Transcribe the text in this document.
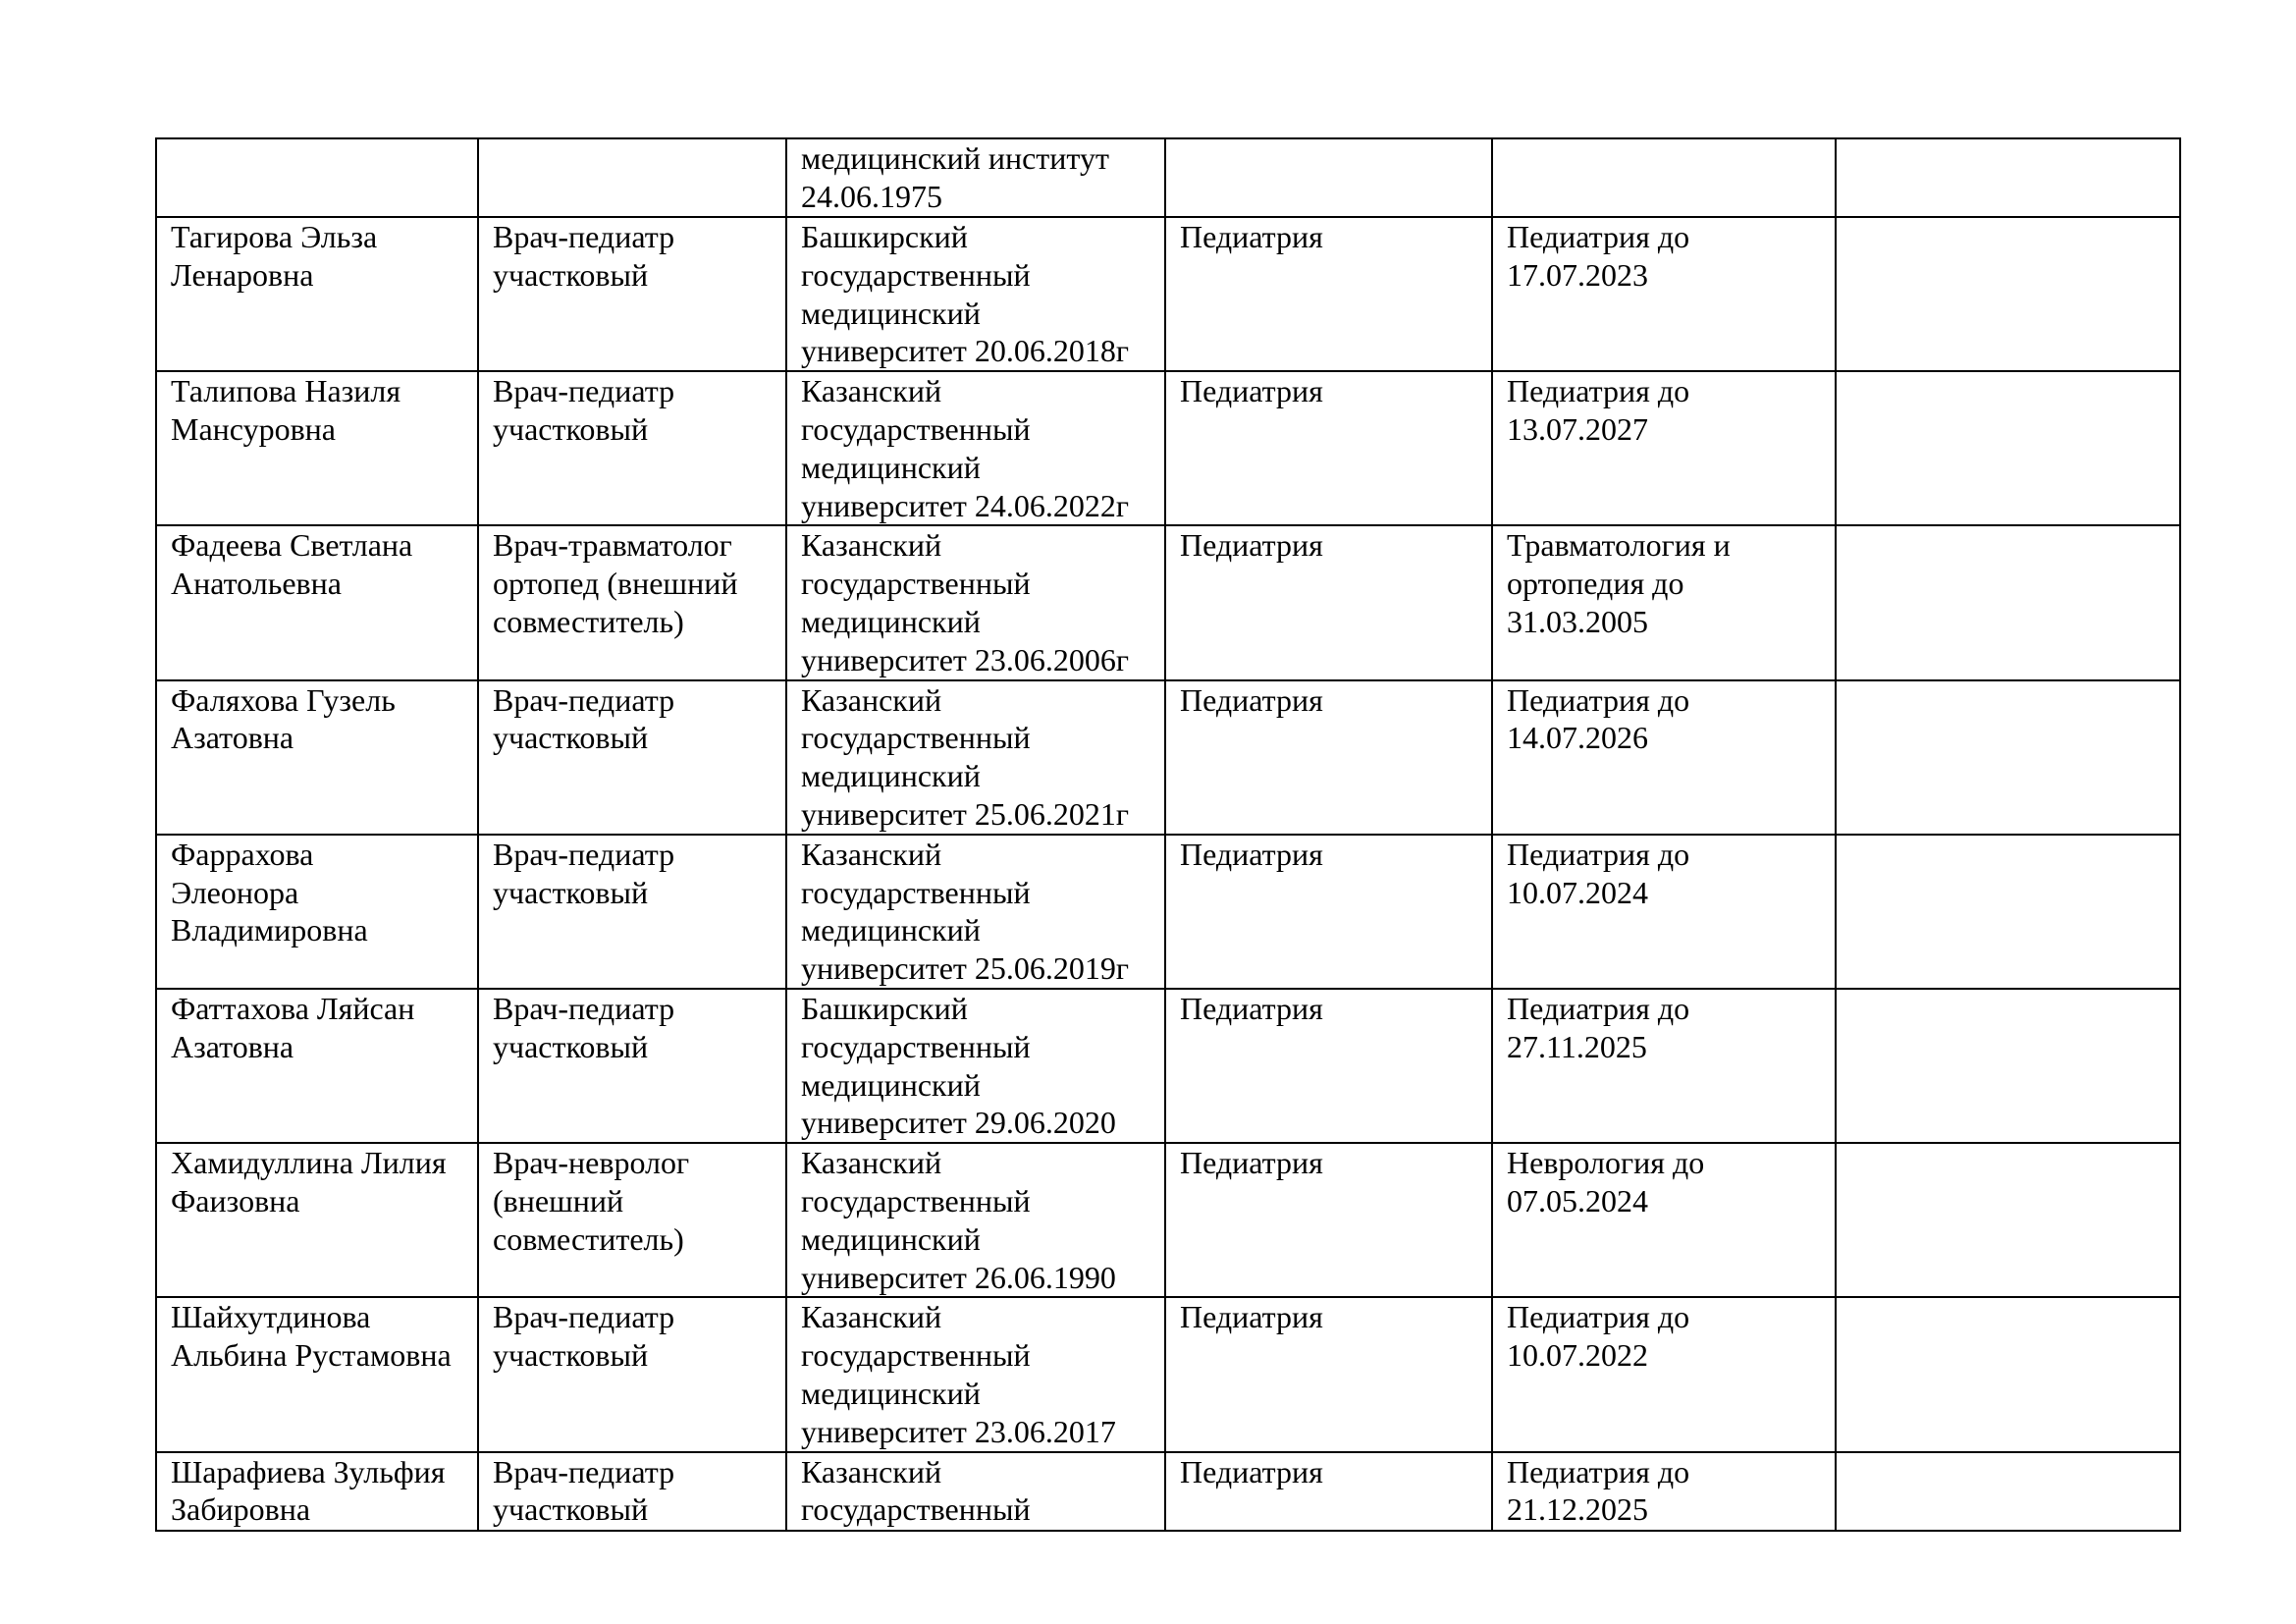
		медицинский институт
24.06.1975			

Тагирова Эльза
Ленаровна	Врач-педиатр
участковый	Башкирский
государственный
медицинский
университет 20.06.2018г	Педиатрия	Педиатрия до
17.07.2023	

Талипова Назиля
Мансуровна	Врач-педиатр
участковый	Казанский
государственный
медицинский
университет 24.06.2022г	Педиатрия	Педиатрия до
13.07.2027	

Фадеева Светлана
Анатольевна	Врач-травматолог
ортопед (внешний
совместитель)	Казанский
государственный
медицинский
университет 23.06.2006г	Педиатрия	Травматология и
ортопедия до
31.03.2005	

Фаляхова Гузель
Азатовна	Врач-педиатр
участковый	Казанский
государственный
медицинский
университет 25.06.2021г	Педиатрия	Педиатрия до
14.07.2026	

Фаррахова
Элеонора
Владимировна	Врач-педиатр
участковый	Казанский
государственный
медицинский
университет 25.06.2019г	Педиатрия	Педиатрия до
10.07.2024	

Фаттахова Ляйсан
Азатовна	Врач-педиатр
участковый	Башкирский
государственный
медицинский
университет 29.06.2020	Педиатрия	Педиатрия до
27.11.2025	

Хамидуллина Лилия
Фаизовна	Врач-невролог
(внешний
совместитель)	Казанский
государственный
медицинский
университет 26.06.1990	Педиатрия	Неврология до
07.05.2024	

Шайхутдинова
Альбина Рустамовна	Врач-педиатр
участковый	Казанский
государственный
медицинский
университет 23.06.2017	Педиатрия	Педиатрия до
10.07.2022	

Шарафиева Зульфия
Забировна	Врач-педиатр
участковый	Казанский
государственный	Педиатрия	Педиатрия до
21.12.2025	
